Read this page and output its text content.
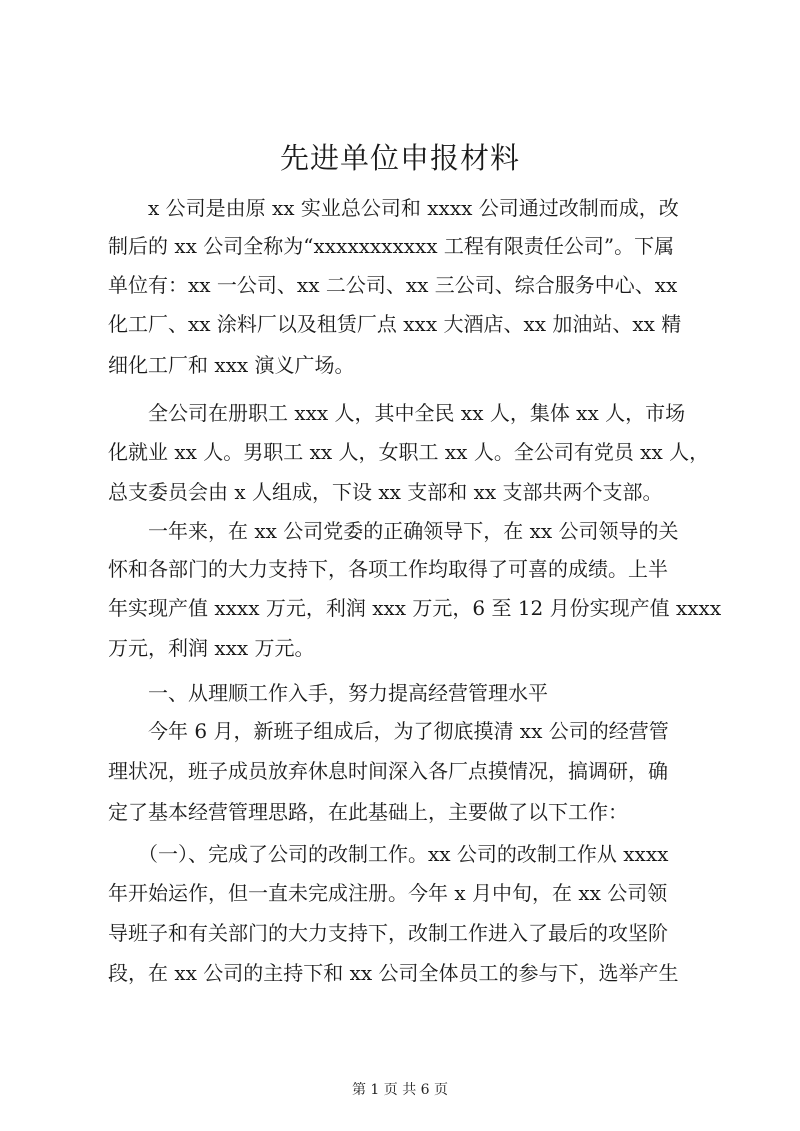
先进单位申报材料
　　x 公司是由原 xx 实业总公司和 xxxx 公司通过改制而成，改
制后的 xx 公司全称为“xxxxxxxxxxx 工程有限责任公司”。下属
单位有：xx 一公司、xx 二公司、xx 三公司、综合服务中心、xx
化工厂、xx 涂料厂以及租赁厂点 xxx 大酒店、xx 加油站、xx 精
细化工厂和 xxx 演义广场。
　　全公司在册职工 xxx 人，其中全民 xx 人，集体 xx 人，市场
化就业 xx 人。男职工 xx 人，女职工 xx 人。全公司有党员 xx 人，
总支委员会由 x 人组成，下设 xx 支部和 xx 支部共两个支部。
　　一年来，在 xx 公司党委的正确领导下，在 xx 公司领导的关
怀和各部门的大力支持下，各项工作均取得了可喜的成绩。上半
年实现产值 xxxx 万元，利润 xxx 万元，6 至 12 月份实现产值 xxxx
万元，利润 xxx 万元。
　　一、从理顺工作入手，努力提高经营管理水平
　　今年 6 月，新班子组成后，为了彻底摸清 xx 公司的经营管
理状况，班子成员放弃休息时间深入各厂点摸情况，搞调研，确
定了基本经营管理思路，在此基础上，主要做了以下工作：
　　（一）、完成了公司的改制工作。xx 公司的改制工作从 xxxx
年开始运作，但一直未完成注册。今年 x 月中旬，在 xx 公司领
导班子和有关部门的大力支持下，改制工作进入了最后的攻坚阶
段，在 xx 公司的主持下和 xx 公司全体员工的参与下，选举产生
第 1 页 共 6 页
